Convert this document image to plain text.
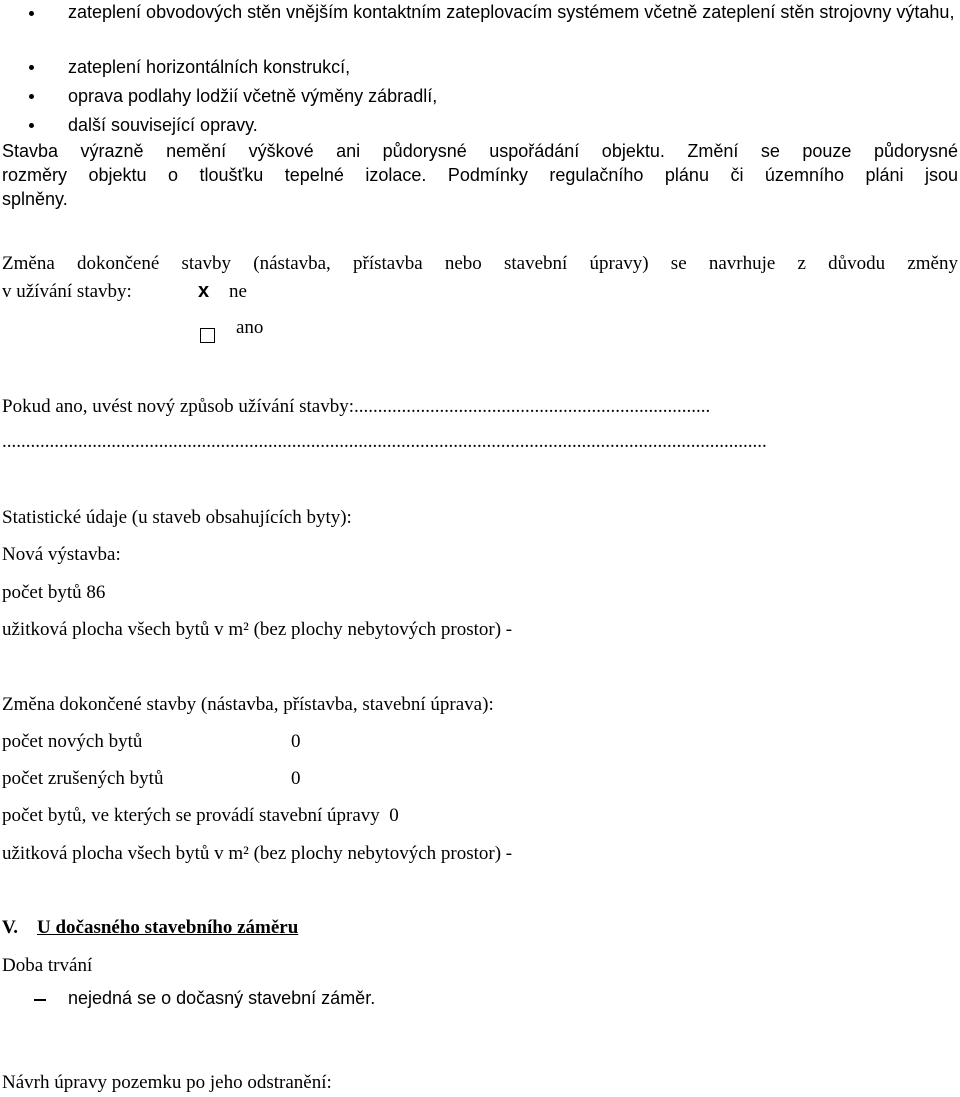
zateplení obvodových stěn vnějším kontaktním zateplovacím systémem včetně zateplení stěn strojovny výtahu,
zateplení horizontálních konstrukcí,
oprava podlahy lodžií včetně výměny zábradlí,
další související opravy.
Stavba výrazně nemění výškové ani půdorysné uspořádání objektu. Změní se pouze půdorysné
rozměry objektu o tloušťku tepelné izolace. Podmínky regulačního plánu či územního pláni jsou
splněny.
Změna dokončené stavby (nástavba, přístavba nebo stavební úpravy) se navrhuje z důvodu změny
v užívání stavby:	x ne
ano
Pokud ano, uvést nový způsob užívání stavby:...........................................................................
.................................................................................................................................................................
Statistické údaje (u staveb obsahujících byty):
Nová výstavba:
počet bytů 86
užitková plocha všech bytů v m² (bez plochy nebytových prostor) -
Změna dokončené stavby (nástavba, přístavba, stavební úprava):
počet nových bytů	0
počet zrušených bytů	0
počet bytů, ve kterých se provádí stavební úpravy  0
užitková plocha všech bytů v m² (bez plochy nebytových prostor) -
V. U dočasného stavebního záměru
Doba trvání
nejedná se o dočasný stavební záměr.
Návrh úpravy pozemku po jeho odstranění:
